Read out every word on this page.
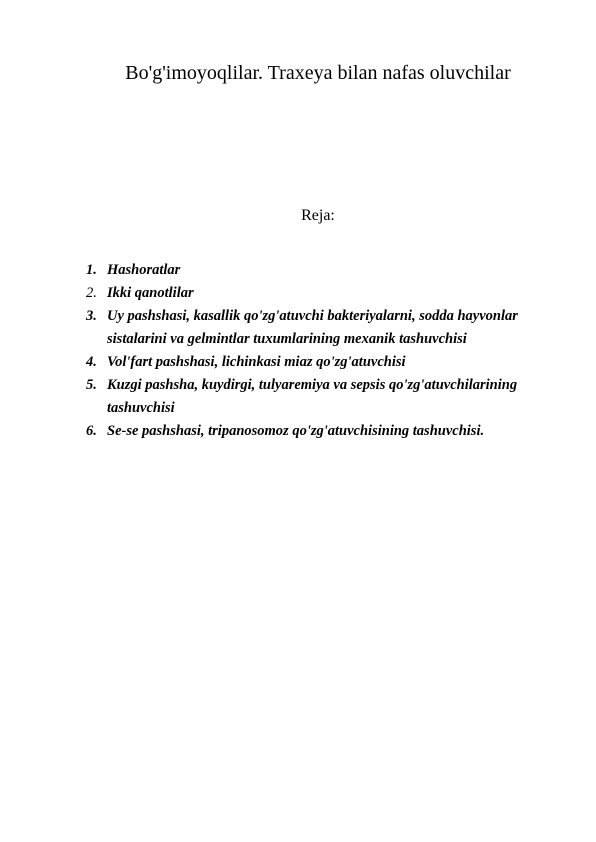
Bo'g'imoyoqlilar. Traxeya bilan nafas oluvchilar
Reja:
1. Hashoratlar
2. Ikki qanotlilar
3. Uy pashshasi, kasallik qo'zg'atuvchi bakteriyalarni, sodda hayvonlar sistalarini va gelmintlar tuxumlarining mexanik tashuvchisi
4. Vol'fart pashshasi, lichinkasi miaz qo'zg'atuvchisi
5. Kuzgi pashsha, kuydirgi, tulyaremiya va sepsis qo'zg'atuvchilarining tashuvchisi
6. Se-se pashshasi, tripanosomoz qo'zg'atuvchisining tashuvchisi.
